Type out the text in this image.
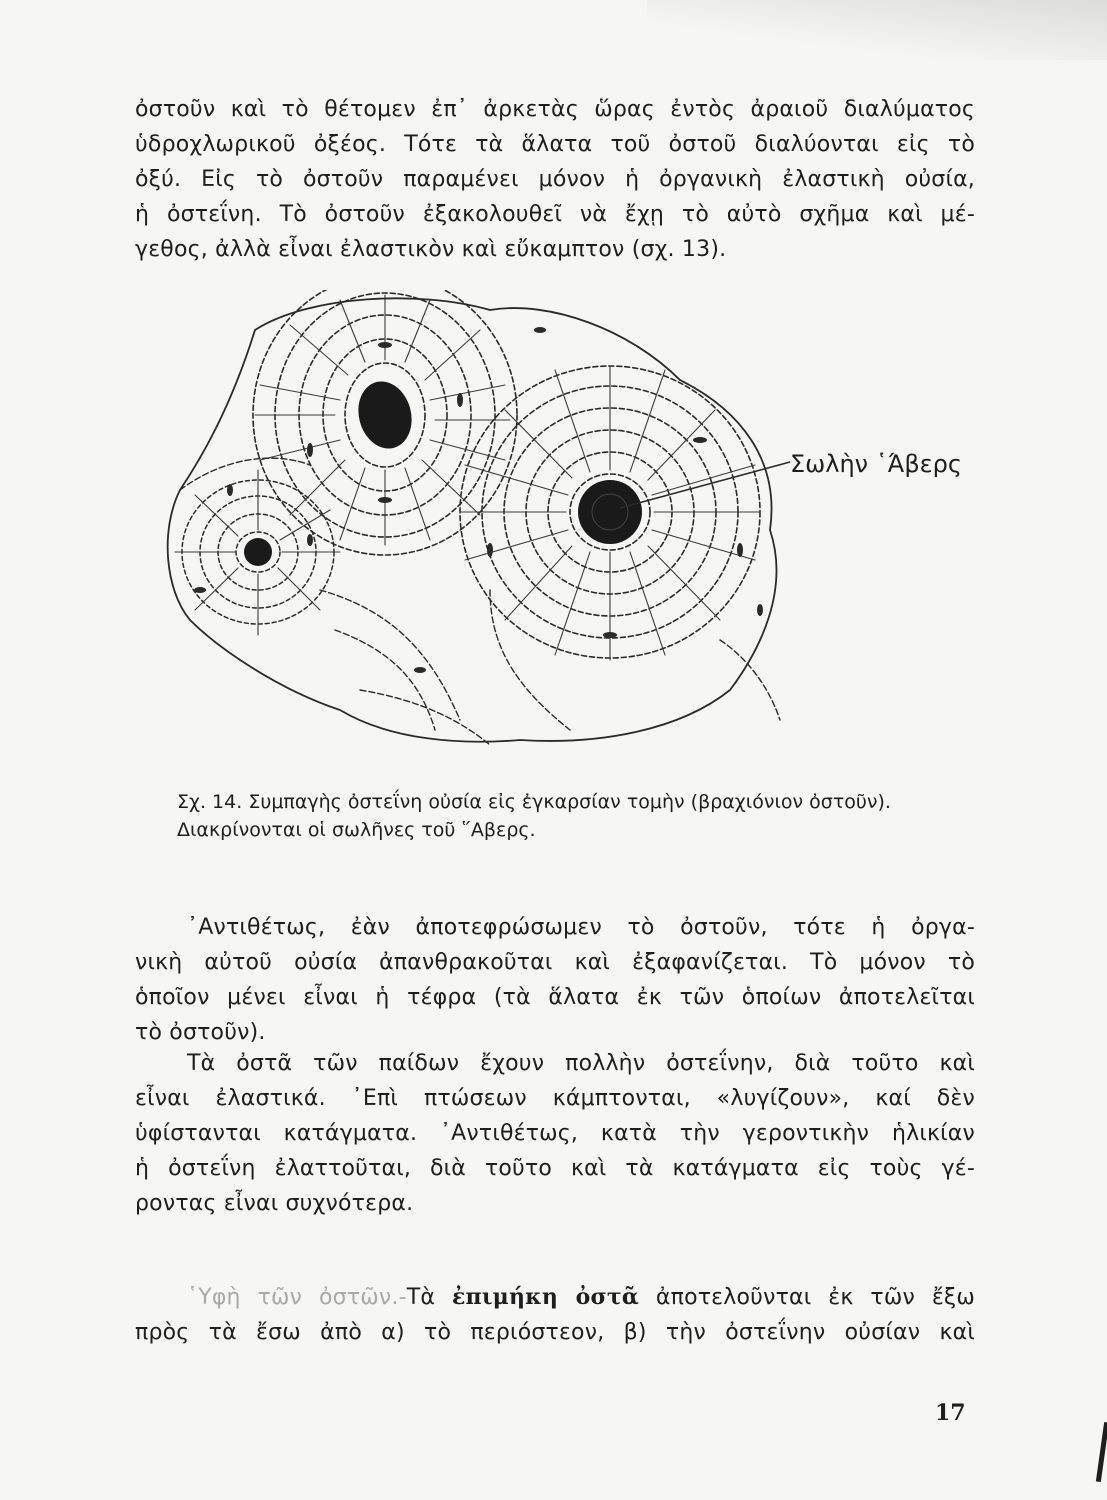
ὀστοῦν καὶ τὸ θέτομεν ἐπ᾽ ἀρκετὰς ὥρας ἐντὸς ἀραιοῦ διαλύματος
ὑδροχλωρικοῦ ὀξέος. Τότε τὰ ἅλατα τοῦ ὀστοῦ διαλύονται εἰς τὸ
ὀξύ. Εἰς τὸ ὀστοῦν παραμένει μόνον ἡ ὀργανικὴ ἐλαστικὴ οὐσία,
ἡ ὀστεΐνη. Τὸ ὀστοῦν ἐξακολουθεῖ νὰ ἔχῃ τὸ αὐτὸ σχῆμα καὶ μέ-
γεθος, ἀλλὰ εἶναι ἐλαστικὸν καὶ εὔκαμπτον (σχ. 13).

Σωλὴν ῾Άβερς

Σχ. 14. Συμπαγὴς ὀστεΐνη οὐσία εἰς ἐγκαρσίαν τομὴν (βραχιόνιον ὀστοῦν).
Διακρίνονται οἱ σωλῆνες τοῦ ῞Αβερς.

᾽Αντιθέτως, ἐὰν ἀποτεφρώσωμεν τὸ ὀστοῦν, τότε ἡ ὀργα-
νικὴ αὐτοῦ οὐσία ἀπανθρακοῦται καὶ ἐξαφανίζεται. Τὸ μόνον τὸ
ὁποῖον μένει εἶναι ἡ τέφρα (τὰ ἅλατα ἐκ τῶν ὁποίων ἀποτελεῖται
τὸ ὀστοῦν).

Τὰ ὀστᾶ τῶν παίδων ἔχουν πολλὴν ὀστεΐνην, διὰ τοῦτο καὶ
εἶναι ἐλαστικά. ᾽Επὶ πτώσεων κάμπτονται, «λυγίζουν», καί δὲν
ὑφίστανται κατάγματα. ᾽Αντιθέτως, κατὰ τὴν γεροντικὴν ἡλικίαν
ἡ ὀστεΐνη ἐλαττοῦται, διὰ τοῦτο καὶ τὰ κατάγματα εἰς τοὺς γέ-
ροντας εἶναι συχνότερα.

῾Υφὴ τῶν ὀστῶν.-Τὰ ἐπιμήκη ὀστᾶ ἀποτελοῦνται ἐκ τῶν ἔξω
πρὸς τὰ ἔσω ἀπὸ α) τὸ περιόστεον, β) τὴν ὀστεΐνην οὐσίαν καὶ

17
